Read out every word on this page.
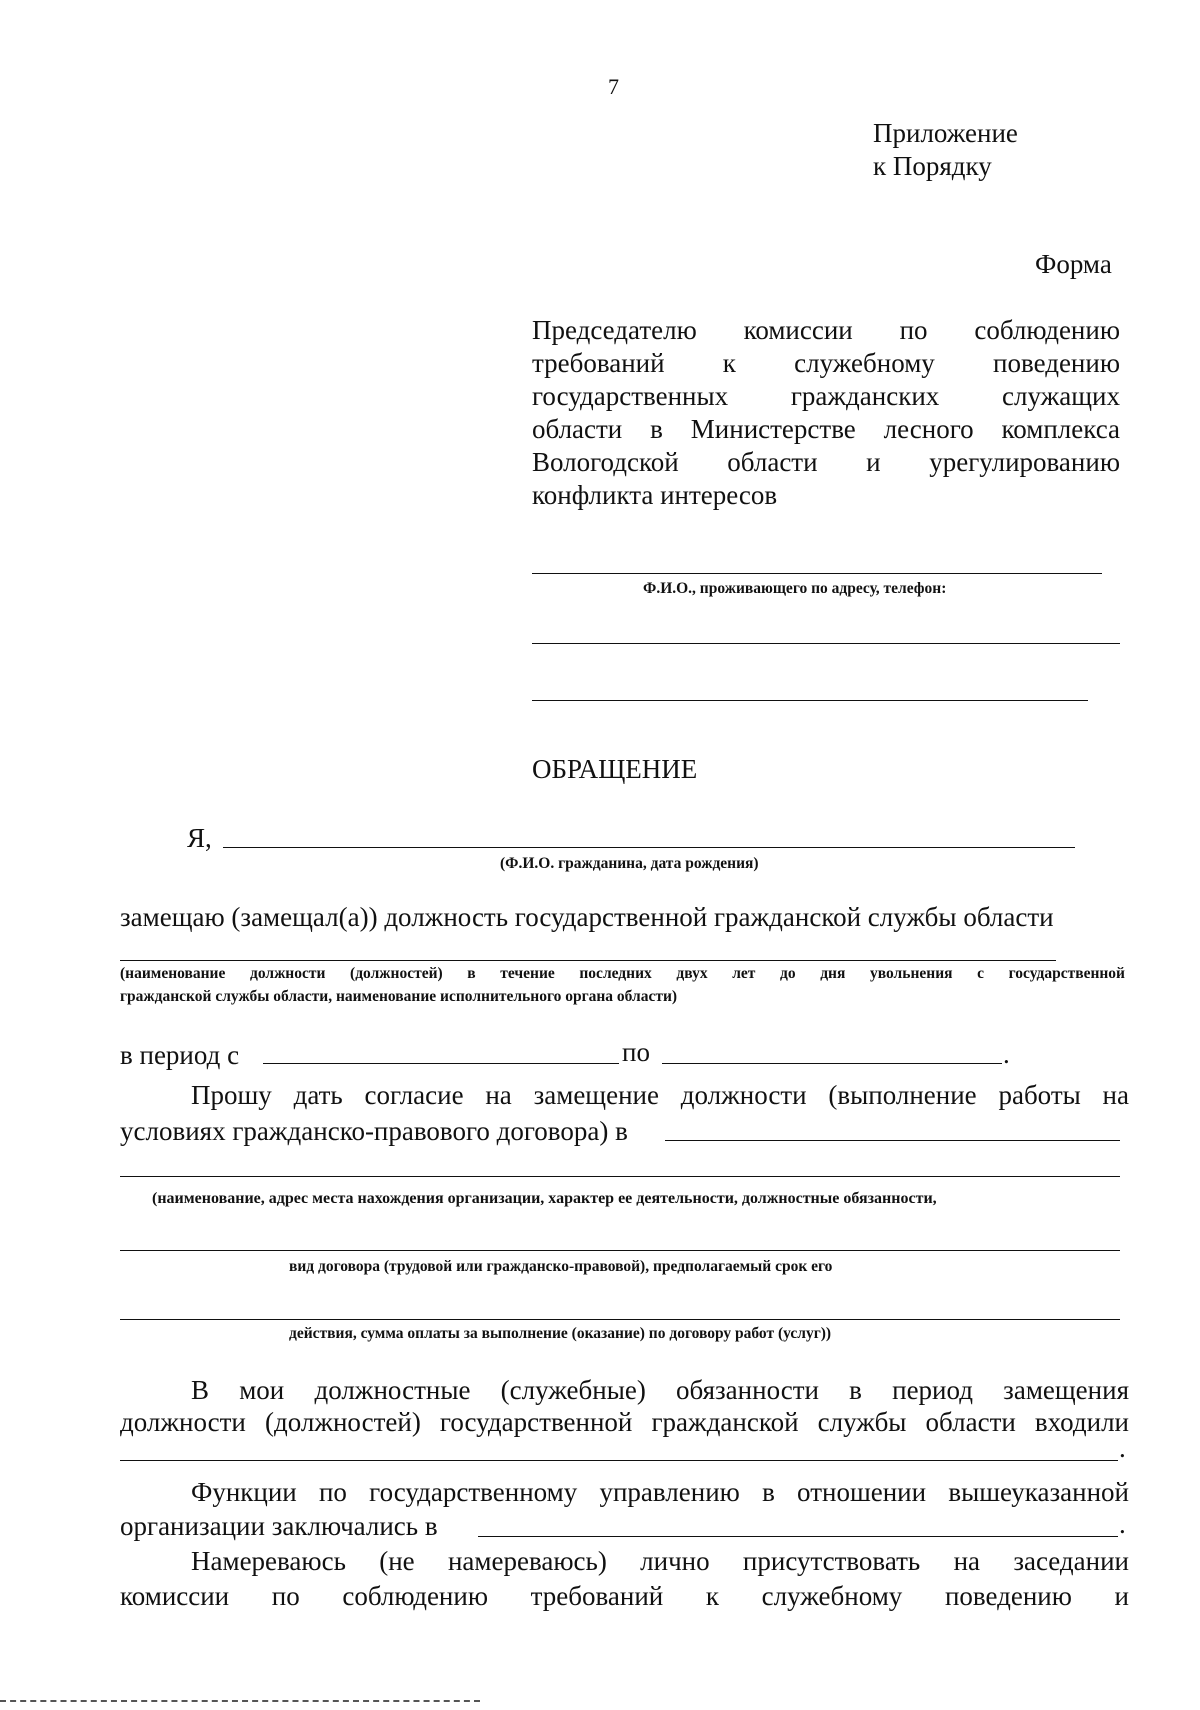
7
Приложение
к Порядку
Форма
Председателю комиссии по соблюдению
требований к служебному поведению
государственных гражданских служащих
области в Министерстве лесного комплекса
Вологодской области и урегулированию
конфликта интересов
Ф.И.О., проживающего по адресу, телефон:
ОБРАЩЕНИЕ
Я,
(Ф.И.О. гражданина, дата рождения)
замещаю (замещал(а)) должность государственной гражданской службы области
(наименование должности (должностей) в течение последних двух лет до дня увольнения с государственной
гражданской службы области, наименование исполнительного органа области)
в период с	по	.
Прошу дать согласие на замещение должности (выполнение работы на
условиях гражданско-правового договора) в
(наименование, адрес места нахождения организации, характер ее деятельности, должностные обязанности,
вид договора (трудовой или гражданско-правовой), предполагаемый срок его
действия, сумма оплаты за выполнение (оказание) по договору работ (услуг))
В мои должностные (служебные) обязанности в период замещения
должности (должностей) государственной гражданской службы области входили
.
Функции по государственному управлению в отношении вышеуказанной
организации заключались в	.
Намереваюсь (не намереваюсь) лично присутствовать на заседании
комиссии по соблюдению требований к служебному поведению и
